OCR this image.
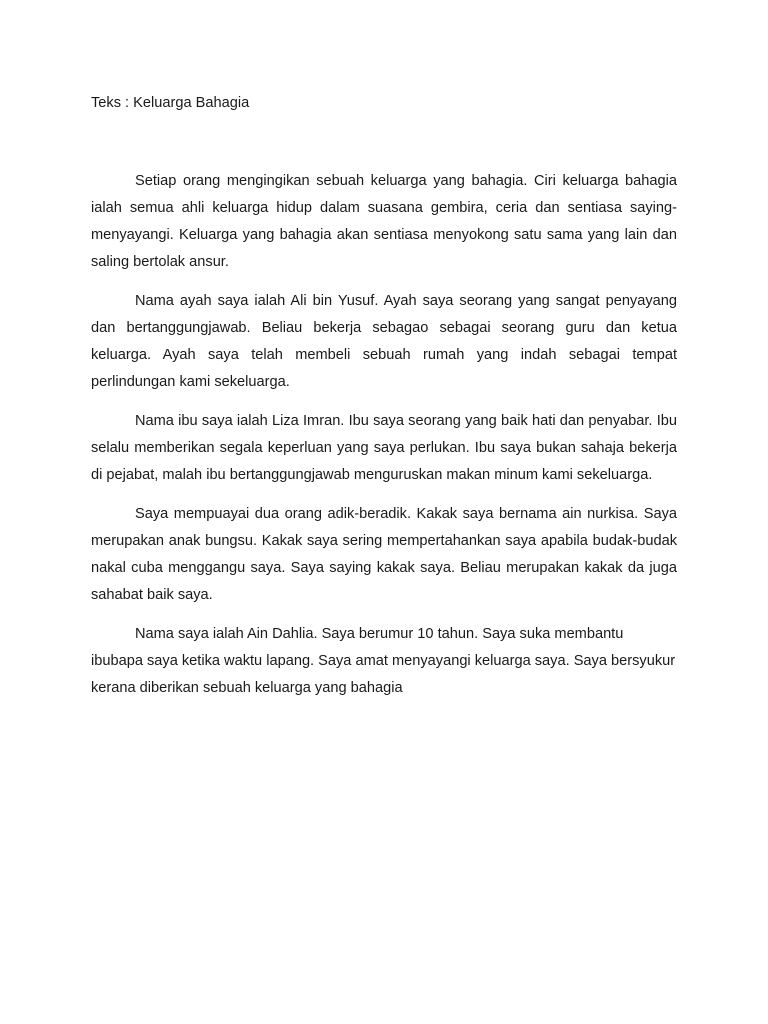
Teks : Keluarga Bahagia

Setiap orang mengingikan sebuah keluarga yang bahagia. Ciri keluarga bahagia ialah semua ahli keluarga hidup dalam suasana gembira, ceria dan sentiasa saying-menyayangi. Keluarga yang bahagia akan sentiasa menyokong satu sama yang lain dan saling bertolak ansur.

Nama ayah saya ialah Ali bin Yusuf. Ayah saya seorang yang sangat penyayang dan bertanggungjawab. Beliau bekerja sebagao sebagai seorang guru dan ketua keluarga. Ayah saya telah membeli sebuah rumah yang indah sebagai tempat perlindungan kami sekeluarga.

Nama ibu saya ialah Liza Imran. Ibu saya seorang yang baik hati dan penyabar. Ibu selalu memberikan segala keperluan yang saya perlukan. Ibu saya bukan sahaja bekerja di pejabat, malah ibu bertanggungjawab menguruskan makan minum kami sekeluarga.

Saya mempuayai dua orang adik-beradik. Kakak saya bernama ain nurkisa. Saya merupakan anak bungsu. Kakak saya sering mempertahankan saya apabila budak-budak nakal cuba menggangu saya. Saya saying kakak saya. Beliau merupakan kakak da juga sahabat baik saya.

Nama saya ialah Ain Dahlia. Saya berumur 10 tahun. Saya suka membantu ibubapa saya ketika waktu lapang. Saya amat menyayangi keluarga saya. Saya bersyukur kerana diberikan sebuah keluarga yang bahagia
